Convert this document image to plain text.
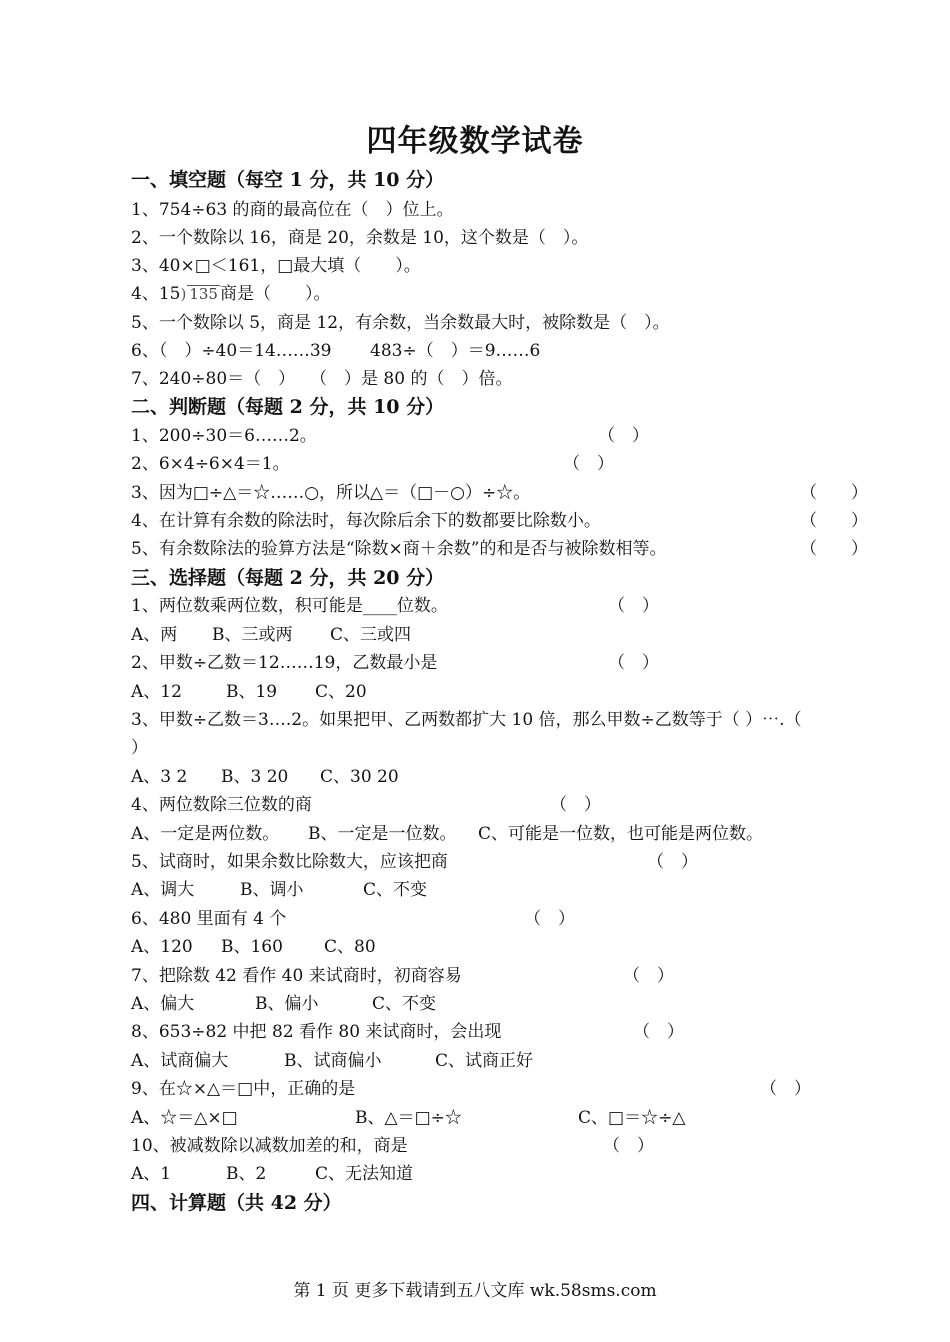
四年级数学试卷
一、填空题（每空 1 分，共 10 分）
1、754÷63 的商的最高位在（　）位上。
2、一个数除以 16，商是 20，余数是 10，这个数是（　）。
3、40×□＜161，□最大填（　　）。
4、15) 135 商是（　　）。
5、一个数除以 5，商是 12，有余数，当余数最大时，被除数是（　）。
6、（　）÷40＝14……39 483÷（　）＝9……6
7、240÷80＝（　） （　）是 80 的（　）倍。
二、判断题（每题 2 分，共 10 分）
1、200÷30＝6……2。	（　）
2、6×4÷6×4＝1。	（　）
3、因为□÷△＝☆……○，所以△＝（□－○）÷☆。	（　　）
4、在计算有余数的除法时，每次除后余下的数都要比除数小。	（　　）
5、有余数除法的验算方法是“除数×商＋余数”的和是否与被除数相等。	（　　）
三、选择题（每题 2 分，共 20 分）
1、两位数乘两位数，积可能是____位数。	（　）
A、两 B、三或两 C、三或四
2、甲数÷乙数＝12……19，乙数最小是	（　）
A、12	B、19 C、20
3、甲数÷乙数＝3….2。如果把甲、乙两数都扩大 10 倍，那么甲数÷乙数等于（ ）⋯.（
）
A、3 2 B、3 20 C、30 20
4、两位数除三位数的商	（　）
A、一定是两位数。 B、一定是一位数。 C、可能是一位数，也可能是两位数。
5、试商时，如果余数比除数大，应该把商	（　）
A、调大	B、调小	C、不变
6、480 里面有 4 个	（　）
A、120 B、160 C、80
7、把除数 42 看作 40 来试商时，初商容易	（　）
A、偏大	B、偏小	C、不变
8、653÷82 中把 82 看作 80 来试商时，会出现	（　）
A、试商偏大	B、试商偏小	C、试商正好
9、在☆×△＝□中，正确的是	（　）
A、☆＝△×□	B、△＝□÷☆	C、□＝☆÷△
10、被减数除以减数加差的和，商是	（　）
A、1	B、2	C、无法知道
四、计算题（共 42 分）
第 1 页 更多下载请到五八文库 wk.58sms.com
